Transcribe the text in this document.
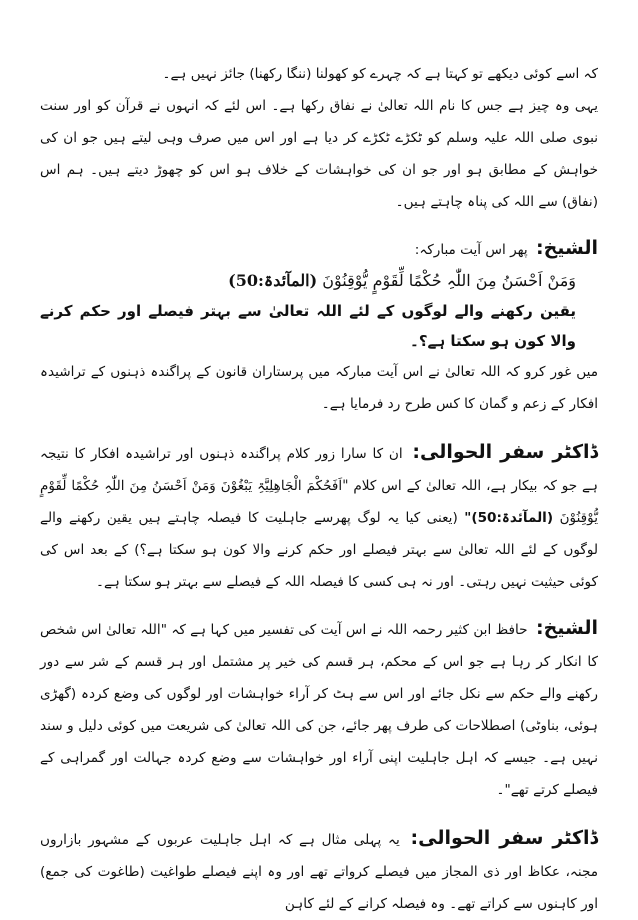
کہ اسے کوئی دیکھے تو کہتا ہے کہ چہرے کو کھولنا (ننگا رکھنا) جائز نہیں ہے۔

یہی وہ چیز ہے جس کا نام اللہ تعالیٰ نے نفاق رکھا ہے۔ اس لئے کہ انہوں نے قرآن کو اور سنت نبوی صلی اللہ علیہ وسلم کو ٹکڑے ٹکڑے کر دیا ہے اور اس میں صرف وہی لیتے ہیں جو ان کی خواہش کے مطابق ہو اور جو ان کی خواہشات کے خلاف ہو اس کو چھوڑ دیتے ہیں۔ ہم اس (نفاق) سے اللہ کی پناہ چاہتے ہیں۔

الشیخ: پھر اس آیت مبارکہ:

وَمَنْ اَحْسَنُ مِنَ اللّٰہِ حُکْمًا لِّقَوْمٍ یُّوْقِنُوْنَ (المآئدۃ:50)

یقین رکھنے والے لوگوں کے لئے اللہ تعالیٰ سے بہتر فیصلے اور حکم کرنے والا کون ہو سکتا ہے؟۔

میں غور کرو کہ اللہ تعالیٰ نے اس آیت مبارکہ میں پرستاران قانون کے پراگندہ ذہنوں کے تراشیدہ افکار کے زعم و گمان کا کس طرح رد فرمایا ہے۔

ڈاکٹر سفر الحوالی: ان کا سارا زور کلام پراگندہ ذہنوں اور تراشیدہ افکار کا نتیجہ ہے جو کہ بیکار ہے، اللہ تعالیٰ کے اس کلام "اَفَحُکْمَ الْجَاھِلِیَّۃِ یَبْغُوْنَ وَمَنْ اَحْسَنُ مِنَ اللّٰہِ حُکْمًا لِّقَوْمٍ یُّوْقِنُوْنَ (المآئدۃ:50)" (یعنی کیا یہ لوگ پھرسے جاہلیت کا فیصلہ چاہتے ہیں یقین رکھنے والے لوگوں کے لئے اللہ تعالیٰ سے بہتر فیصلے اور حکم کرنے والا کون ہو سکتا ہے؟) کے بعد اس کی کوئی حیثیت نہیں رہتی۔ اور نہ ہی کسی کا فیصلہ اللہ کے فیصلے سے بہتر ہو سکتا ہے۔

الشیخ: حافظ ابن کثیر رحمہ اللہ نے اس آیت کی تفسیر میں کہا ہے کہ "اللہ تعالیٰ اس شخص کا انکار کر رہا ہے جو اس کے محکم، ہر قسم کی خیر پر مشتمل اور ہر قسم کے شر سے دور رکھنے والے حکم سے نکل جائے اور اس سے ہٹ کر آراء خواہشات اور لوگوں کی وضع کردہ (گھڑی ہوئی، بناوٹی) اصطلاحات کی طرف پھر جائے، جن کی اللہ تعالیٰ کی شریعت میں کوئی دلیل و سند نہیں ہے۔ جیسے کہ اہل جاہلیت اپنی آراء اور خواہشات سے وضع کردہ جہالت اور گمراہی کے فیصلے کرتے تھے"۔

ڈاکٹر سفر الحوالی: یہ پہلی مثال ہے کہ اہل جاہلیت عربوں کے مشہور بازاروں مجنہ، عکاظ اور ذی المجاز میں فیصلے کرواتے تھے اور وہ اپنے فیصلے طواغیت (طاغوت کی جمع) اور کاہنوں سے کراتے تھے۔ وہ فیصلہ کرانے کے لئے کاہن
